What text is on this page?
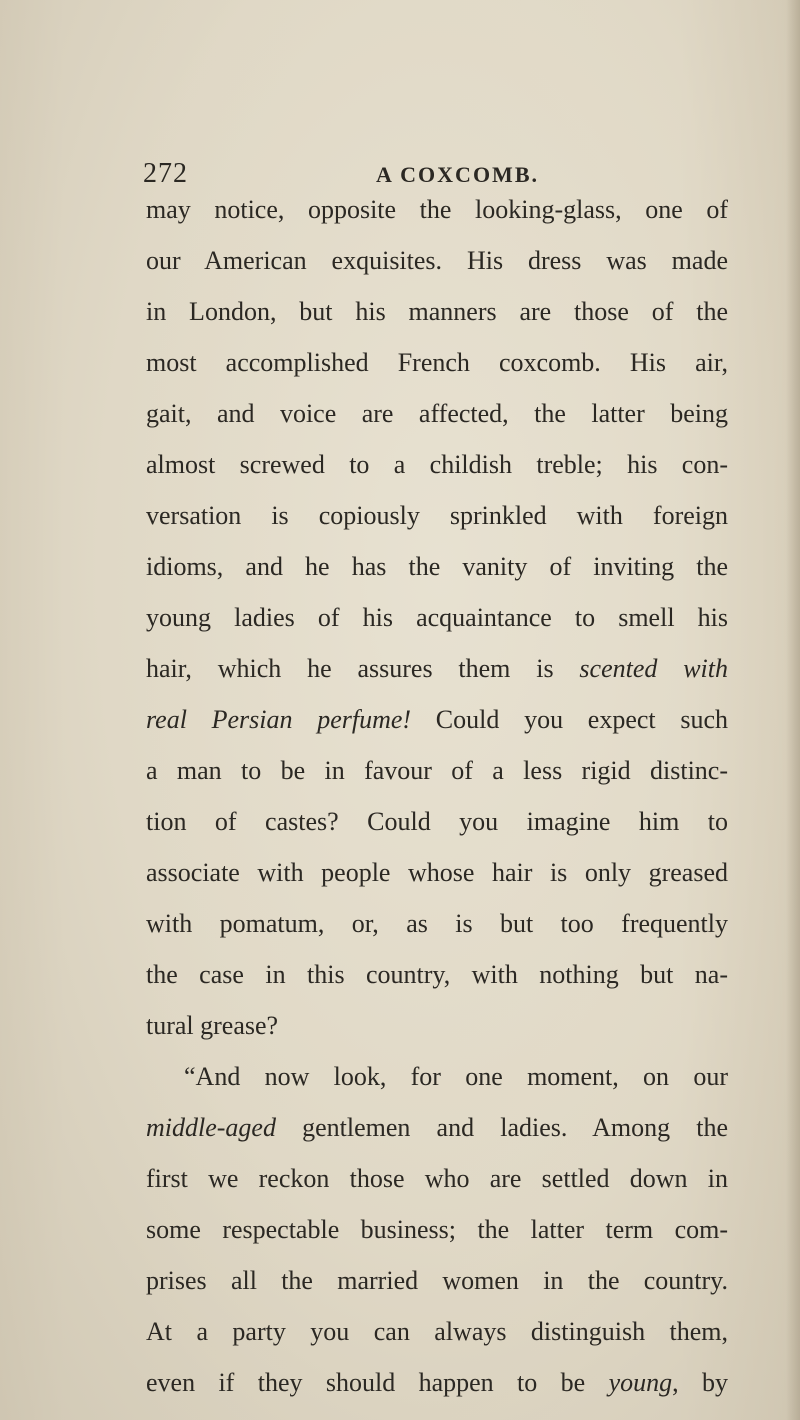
272	A COXCOMB.
may notice, opposite the looking-glass, one of
our American exquisites. His dress was made
in London, but his manners are those of the
most accomplished French coxcomb. His air,
gait, and voice are affected, the latter being
almost screwed to a childish treble; his con-
versation is copiously sprinkled with foreign
idioms, and he has the vanity of inviting the
young ladies of his acquaintance to smell his
hair, which he assures them is scented with
real Persian perfume! Could you expect such
a man to be in favour of a less rigid distinc-
tion of castes? Could you imagine him to
associate with people whose hair is only greased
with pomatum, or, as is but too frequently
the case in this country, with nothing but na-
tural grease?
“And now look, for one moment, on our
middle-aged gentlemen and ladies. Among the
first we reckon those who are settled down in
some respectable business; the latter term com-
prises all the married women in the country.
At a party you can always distinguish them,
even if they should happen to be young, by
